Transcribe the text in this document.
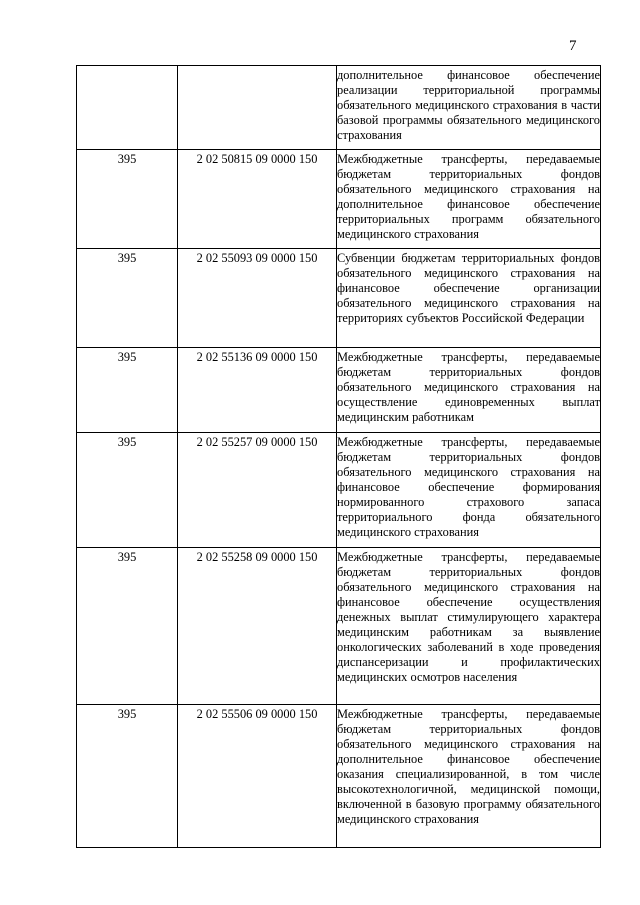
7
		дополнительное финансовое обеспечение реализации территориальной программы обязательного медицинского страхования в части базовой программы обязательного медицинского страхования
395	2 02 50815 09 0000 150	Межбюджетные трансферты, передаваемые бюджетам территориальных фондов обязательного медицинского страхования на дополнительное финансовое обеспечение территориальных программ обязательного медицинского страхования
395	2 02 55093 09 0000 150	Субвенции бюджетам территориальных фондов обязательного медицинского страхования на финансовое обеспечение организации обязательного медицинского страхования на территориях субъектов Российской Федерации
395	2 02 55136 09 0000 150	Межбюджетные трансферты, передаваемые бюджетам территориальных фондов обязательного медицинского страхования на осуществление единовременных выплат медицинским работникам
395	2 02 55257 09 0000 150	Межбюджетные трансферты, передаваемые бюджетам территориальных фондов обязательного медицинского страхования на финансовое обеспечение формирования нормированного страхового запаса территориального фонда обязательного медицинского страхования
395	2 02 55258 09 0000 150	Межбюджетные трансферты, передаваемые бюджетам территориальных фондов обязательного медицинского страхования на финансовое обеспечение осуществления денежных выплат стимулирующего характера медицинским работникам за выявление онкологических заболеваний в ходе проведения диспансеризации и профилактических медицинских осмотров населения
395	2 02 55506 09 0000 150	Межбюджетные трансферты, передаваемые бюджетам территориальных фондов обязательного медицинского страхования на дополнительное финансовое обеспечение оказания специализированной, в том числе высокотехнологичной, медицинской помощи, включенной в базовую программу обязательного медицинского страхования
